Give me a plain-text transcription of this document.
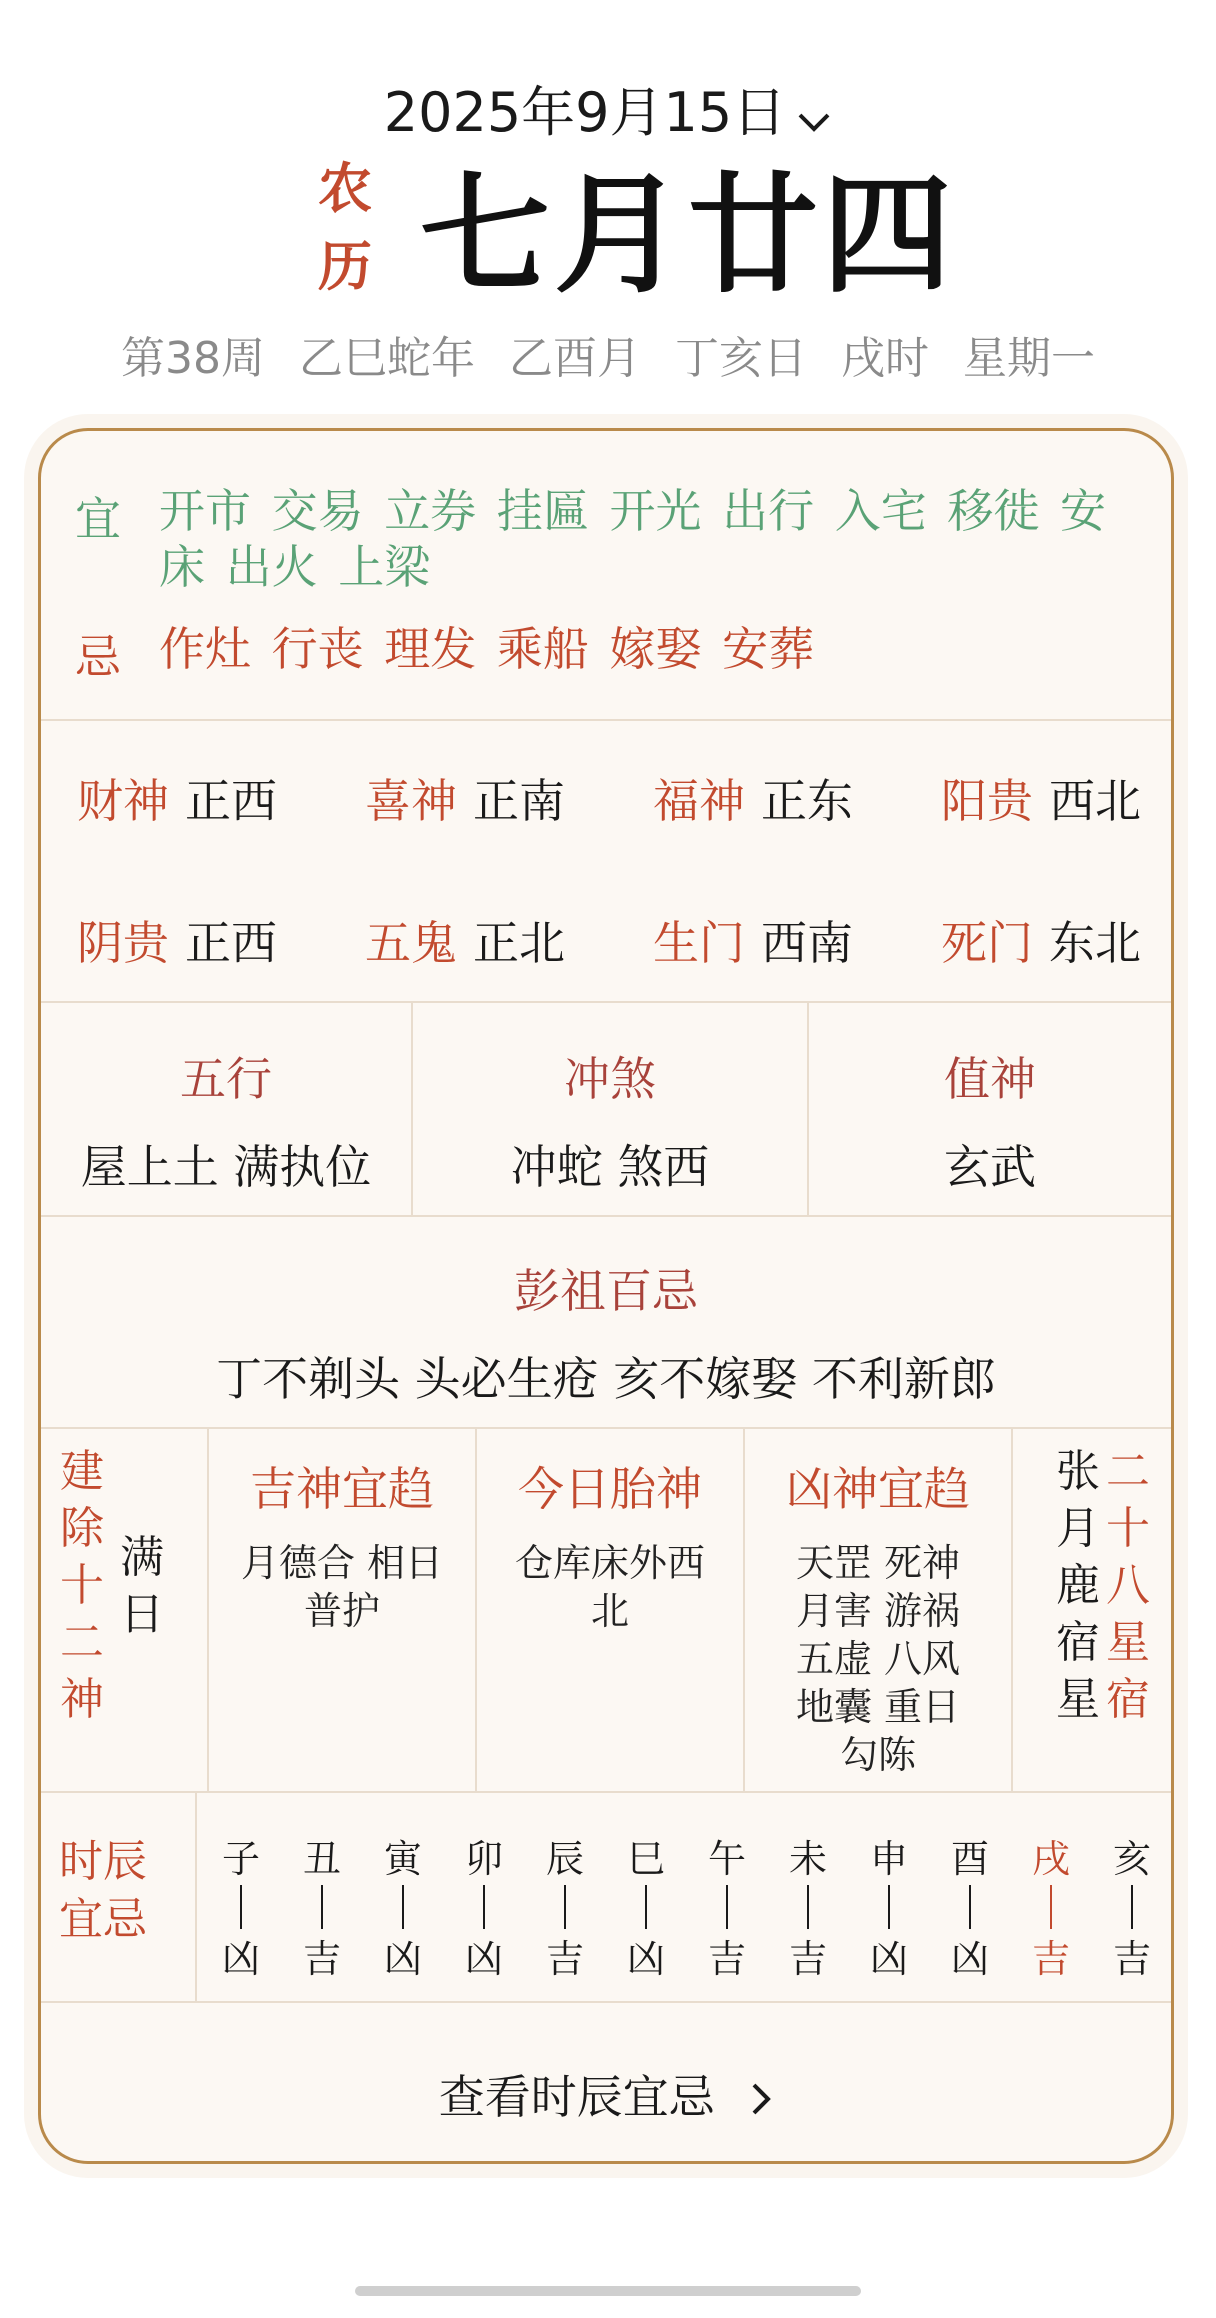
2025年9月15日
农
历 七月廿四
第38周 乙巳蛇年 乙酉月 丁亥日 戌时 星期一
宜 开市 交易 立券 挂匾 开光 出行 入宅 移徙 安床 出火 上梁
忌 作灶 行丧 理发 乘船 嫁娶 安葬
财神 正西 喜神 正南 福神 正东 阳贵 西北
阴贵 正西 五鬼 正北 生门 西南 死门 东北
五行
屋上土 满执位
冲煞
冲蛇 煞西
值神
玄武
彭祖百忌
丁不剃头 头必生疮 亥不嫁娶 不利新郎
建
除
十
二
神
满
日
吉神宜趋
月德合 相日
普护
今日胎神
仓库床外西
北
凶神宜趋
天罡 死神
月害 游祸
五虚 八风
地囊 重日
勾陈
张
月
鹿
宿
星
二
十
八
星
宿
时辰
宜忌
子
凶
丑
吉
寅
凶
卯
凶
辰
吉
巳
凶
午
吉
未
吉
申
凶
酉
凶
戌
吉
亥
吉
查看时辰宜忌
